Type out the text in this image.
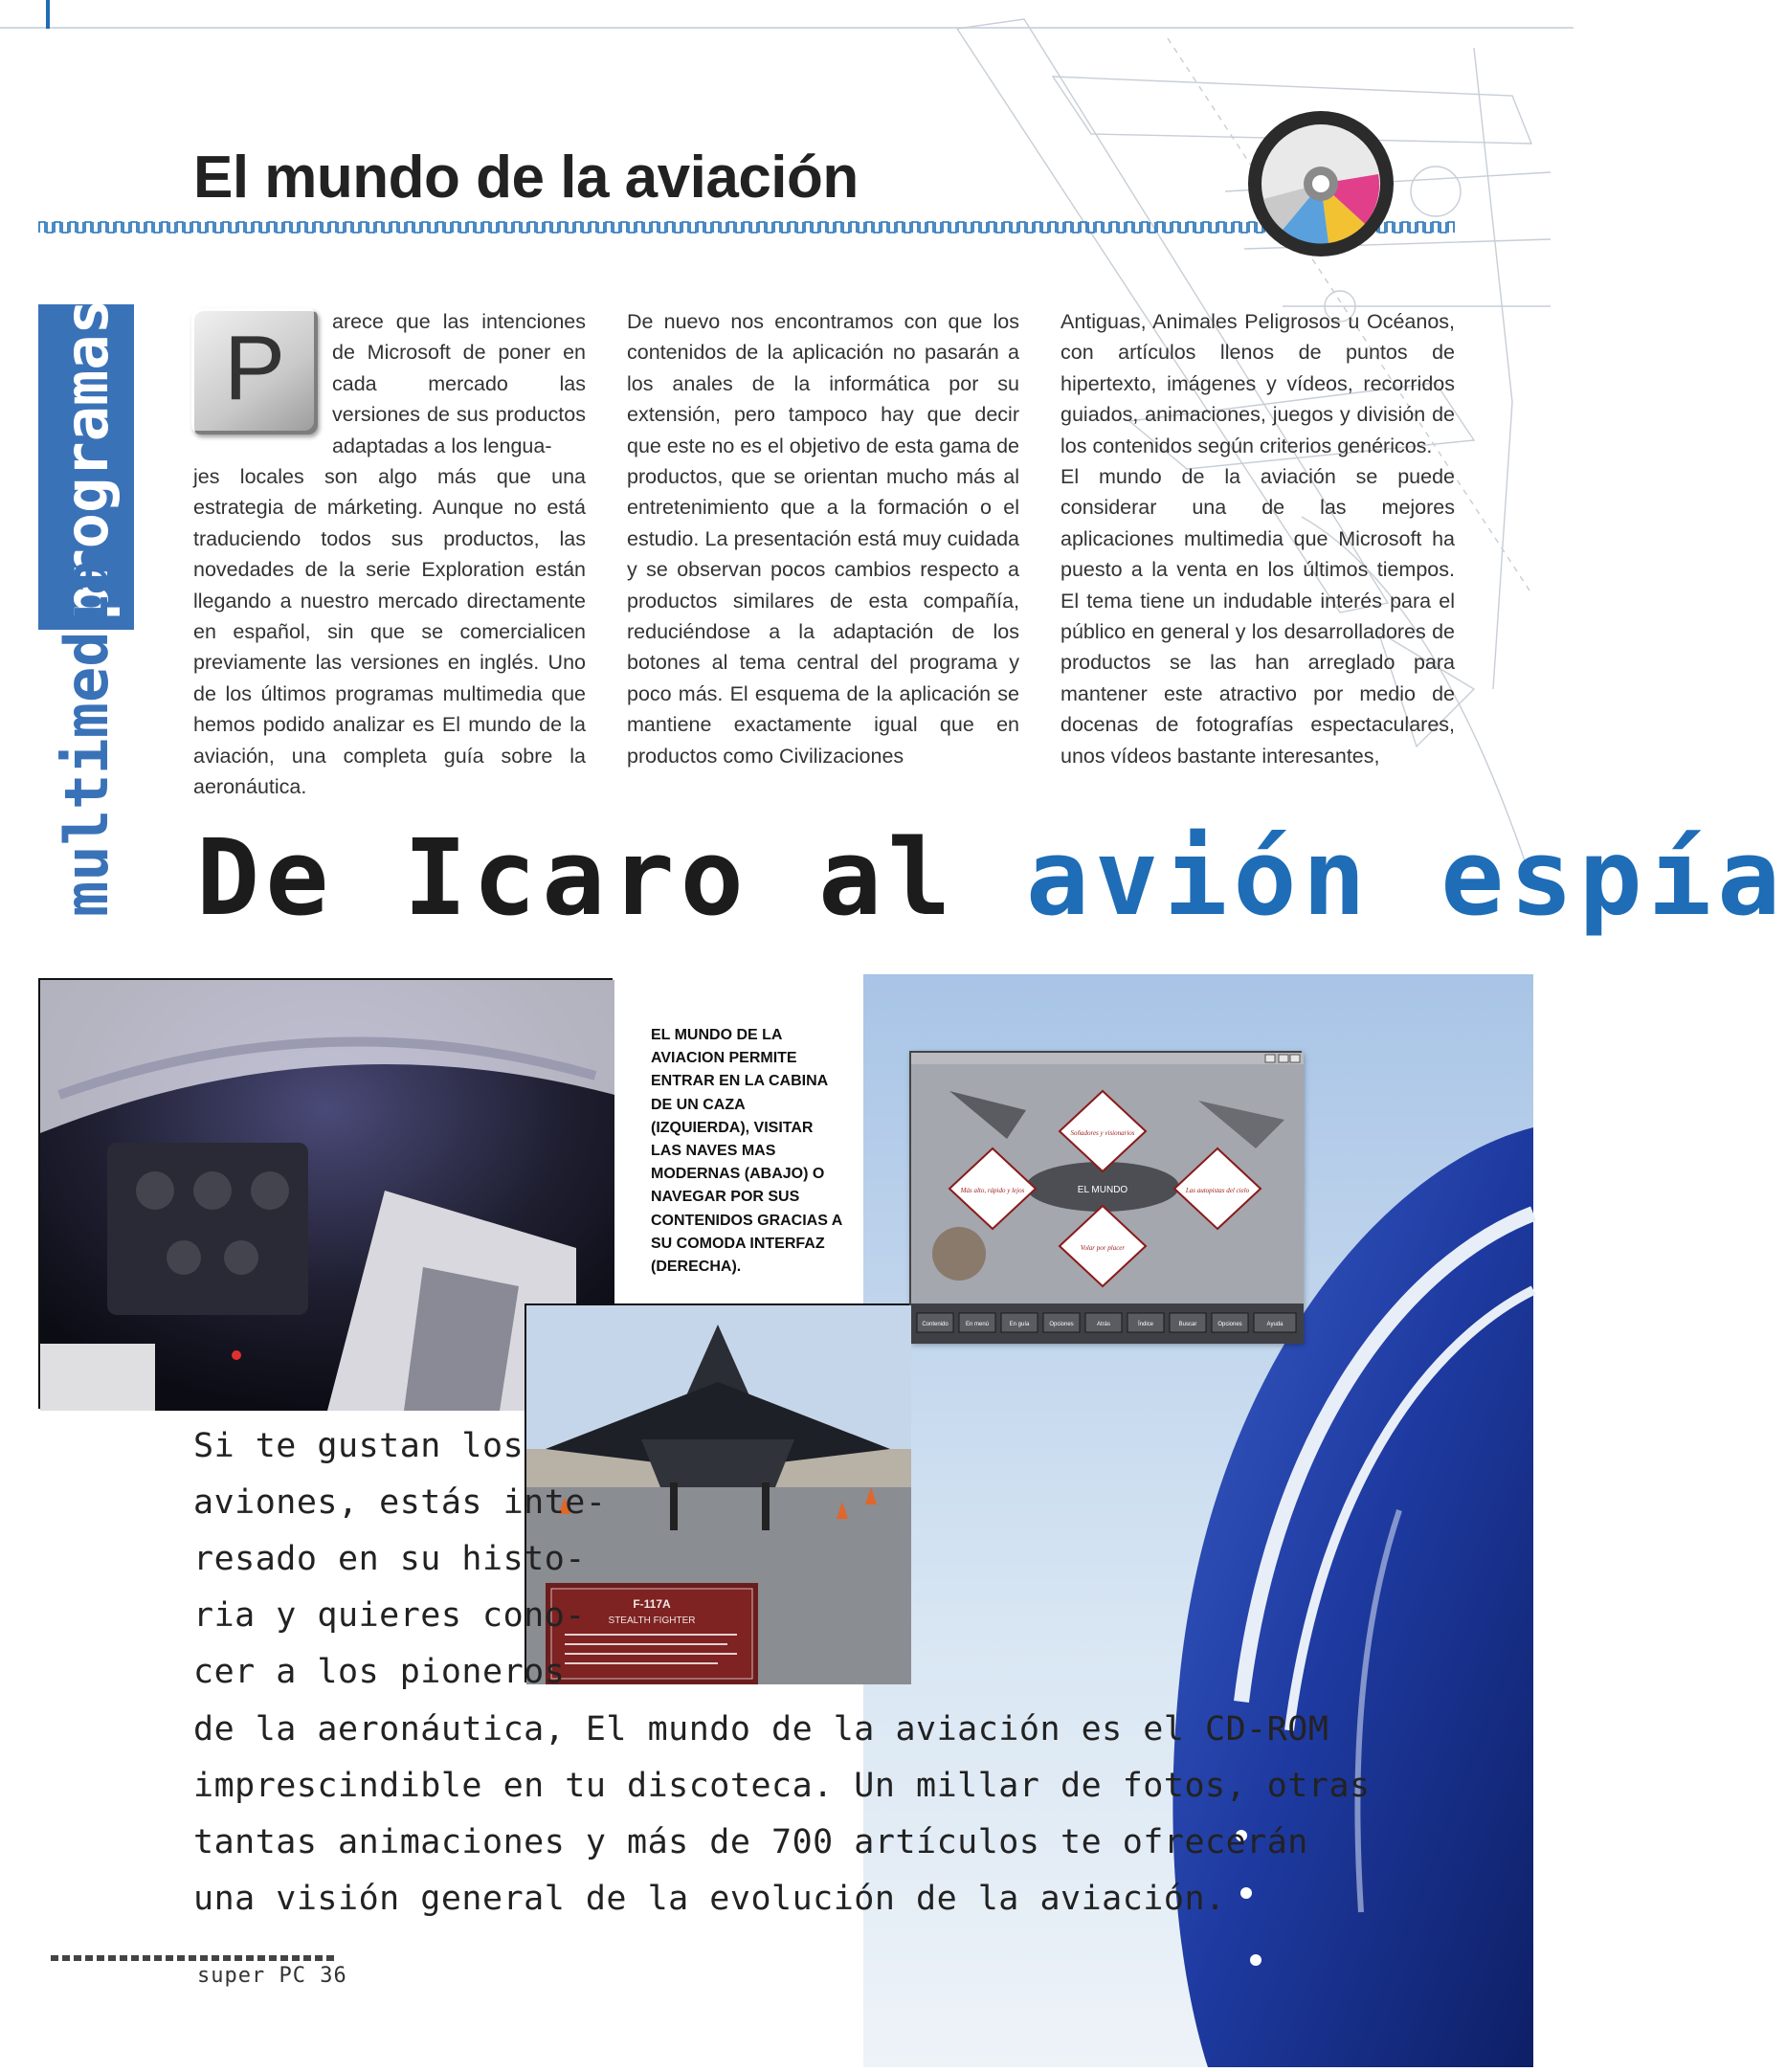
El mundo de la aviación
programas
multimedia
P	arece que las intenciones de Microsoft de poner en cada mercado las versiones de sus productos adaptadas a los lengua-

jes locales son algo más que una estrategia de márketing. Aunque no está traduciendo todos sus productos, las novedades de la serie Exploration están llegando a nuestro mercado directamente en español, sin que se comercialicen previamente las versiones en inglés. Uno de los últimos programas multimedia que hemos podido analizar es El mundo de la aviación, una completa guía sobre la aeronáutica.

De nuevo nos encontramos con que los contenidos de la aplicación no pasarán a los anales de la informática por su extensión, pero tampoco hay que decir que este no es el objetivo de esta gama de productos, que se orientan mucho más al entretenimiento que a la formación o el estudio. La presentación está muy cuidada y se observan pocos cambios respecto a productos similares de esta compañía, reduciéndose a la adaptación de los botones al tema central del programa y poco más. El esquema de la aplicación se mantiene exactamente igual que en productos como Civilizaciones

Antiguas, Animales Peligrosos u Océanos, con artículos llenos de puntos de hipertexto, imágenes y vídeos, recorridos guiados, animaciones, juegos y división de los contenidos según criterios genéricos.

El mundo de la aviación se puede considerar una de las mejores aplicaciones multimedia que Microsoft ha puesto a la venta en los últimos tiempos. El tema tiene un indudable interés para el público en general y los desarrolladores de productos se las han arreglado para mantener este atractivo por medio de docenas de fotografías espectaculares, unos vídeos bastante interesantes,

De Icaro al avión espía
EL MUNDO DE LA AVIACION PERMITE ENTRAR EN LA CABINA DE UN CAZA (IZQUIERDA), VISITAR LAS NAVES MAS MODERNAS (ABAJO) O NAVEGAR POR SUS CONTENIDOS GRACIAS A SU COMODA INTERFAZ (DERECHA).
EL MUNDO
Soñadores y visionarios
Más alto, rápido y lejos	Las autopistas del cielo
Volar por placer
Contenido	En menú	En guía	Opciones	Atrás	Índice	Buscar	Opciones	Ayuda
F-117A
STEALTH FIGHTER
Si te gustan los
aviones, estás inte-
resado en su histo-
ria y quieres cono-
cer a los pioneros
de la aeronáutica, El mundo de la aviación es el CD-ROM
imprescindible en tu discoteca. Un millar de fotos, otras
tantas animaciones y más de 700 artículos te ofrecerán
una visión general de la evolución de la aviación.
super PC 36
